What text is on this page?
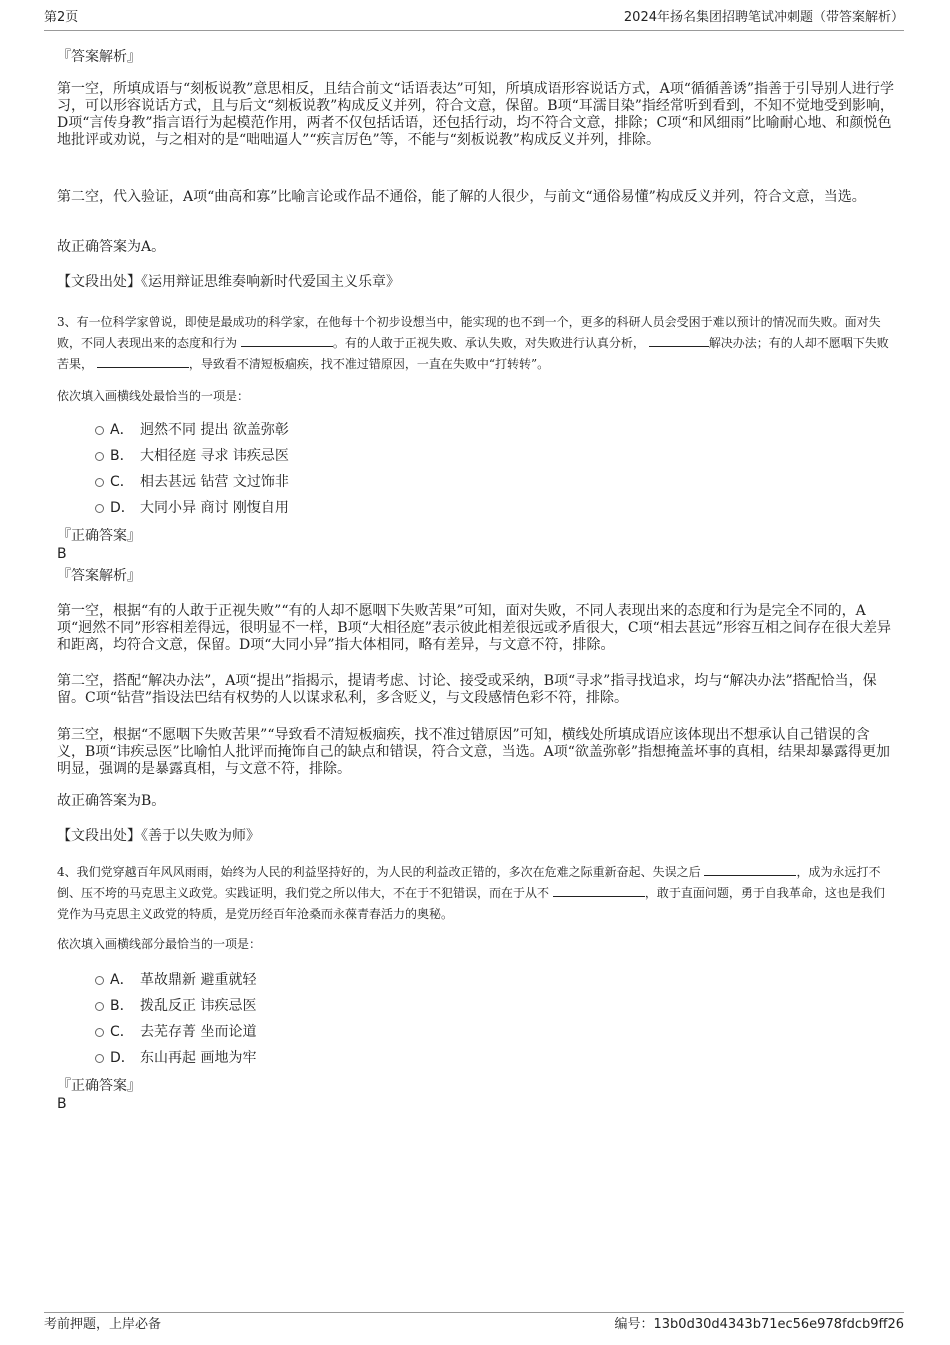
第2页	2024年扬名集团招聘笔试冲刺题（带答案解析）
『答案解析』
第一空，所填成语与“刻板说教”意思相反，且结合前文“话语表达”可知，所填成语形容说话方式，A项“循循善诱”指善于引导别人进行学习，可以形容说话方式，且与后文“刻板说教”构成反义并列，符合文意，保留。B项“耳濡目染”指经常听到看到，不知不觉地受到影响，D项“言传身教”指言语行为起模范作用，两者不仅包括话语，还包括行动，均不符合文意，排除；C项“和风细雨”比喻耐心地、和颜悦色地批评或劝说，与之相对的是“咄咄逼人”“疾言厉色”等，不能与“刻板说教”构成反义并列，排除。
第二空，代入验证，A项“曲高和寡”比喻言论或作品不通俗，能了解的人很少，与前文“通俗易懂”构成反义并列，符合文意，当选。
故正确答案为A。
【文段出处】《运用辩证思维奏响新时代爱国主义乐章》
3、有一位科学家曾说，即使是最成功的科学家，在他每十个初步设想当中，能实现的也不到一个，更多的科研人员会受困于难以预计的情况而失败。面对失败，不同人表现出来的态度和行为	。有的人敢于正视失败、承认失败，对失败进行认真分析，	解决办法；有的人却不愿咽下失败苦果，	，导致看不清短板痼疾，找不准过错原因，一直在失败中“打转转”。
依次填入画横线处最恰当的一项是：
A． 迥然不同 提出 欲盖弥彰
B． 大相径庭 寻求 讳疾忌医
C． 相去甚远 钻营 文过饰非
D． 大同小异 商讨 刚愎自用
『正确答案』
B
『答案解析』
第一空，根据“有的人敢于正视失败”“有的人却不愿咽下失败苦果”可知，面对失败，不同人表现出来的态度和行为是完全不同的，A项“迥然不同”形容相差得远，很明显不一样，B项“大相径庭”表示彼此相差很远或矛盾很大，C项“相去甚远”形容互相之间存在很大差异和距离，均符合文意，保留。D项“大同小异”指大体相同，略有差异，与文意不符，排除。
第二空，搭配“解决办法”，A项“提出”指揭示，提请考虑、讨论、接受或采纳，B项“寻求”指寻找追求，均与“解决办法”搭配恰当，保留。C项“钻营”指设法巴结有权势的人以谋求私利，多含贬义，与文段感情色彩不符，排除。
第三空，根据“不愿咽下失败苦果”“导致看不清短板痼疾，找不准过错原因”可知，横线处所填成语应该体现出不想承认自己错误的含义，B项“讳疾忌医”比喻怕人批评而掩饰自己的缺点和错误，符合文意，当选。A项“欲盖弥彰”指想掩盖坏事的真相，结果却暴露得更加明显，强调的是暴露真相，与文意不符，排除。
故正确答案为B。
【文段出处】《善于以失败为师》
4、我们党穿越百年风风雨雨，始终为人民的利益坚持好的，为人民的利益改正错的，多次在危难之际重新奋起、失误之后	，成为永远打不倒、压不垮的马克思主义政党。实践证明，我们党之所以伟大，不在于不犯错误，而在于从不	，敢于直面问题，勇于自我革命，这也是我们党作为马克思主义政党的特质，是党历经百年沧桑而永葆青春活力的奥秘。
依次填入画横线部分最恰当的一项是：
A． 革故鼎新 避重就轻
B． 拨乱反正 讳疾忌医
C． 去芜存菁 坐而论道
D． 东山再起 画地为牢
『正确答案』
B
考前押题，上岸必备	编号：13b0d30d4343b71ec56e978fdcb9ff26
